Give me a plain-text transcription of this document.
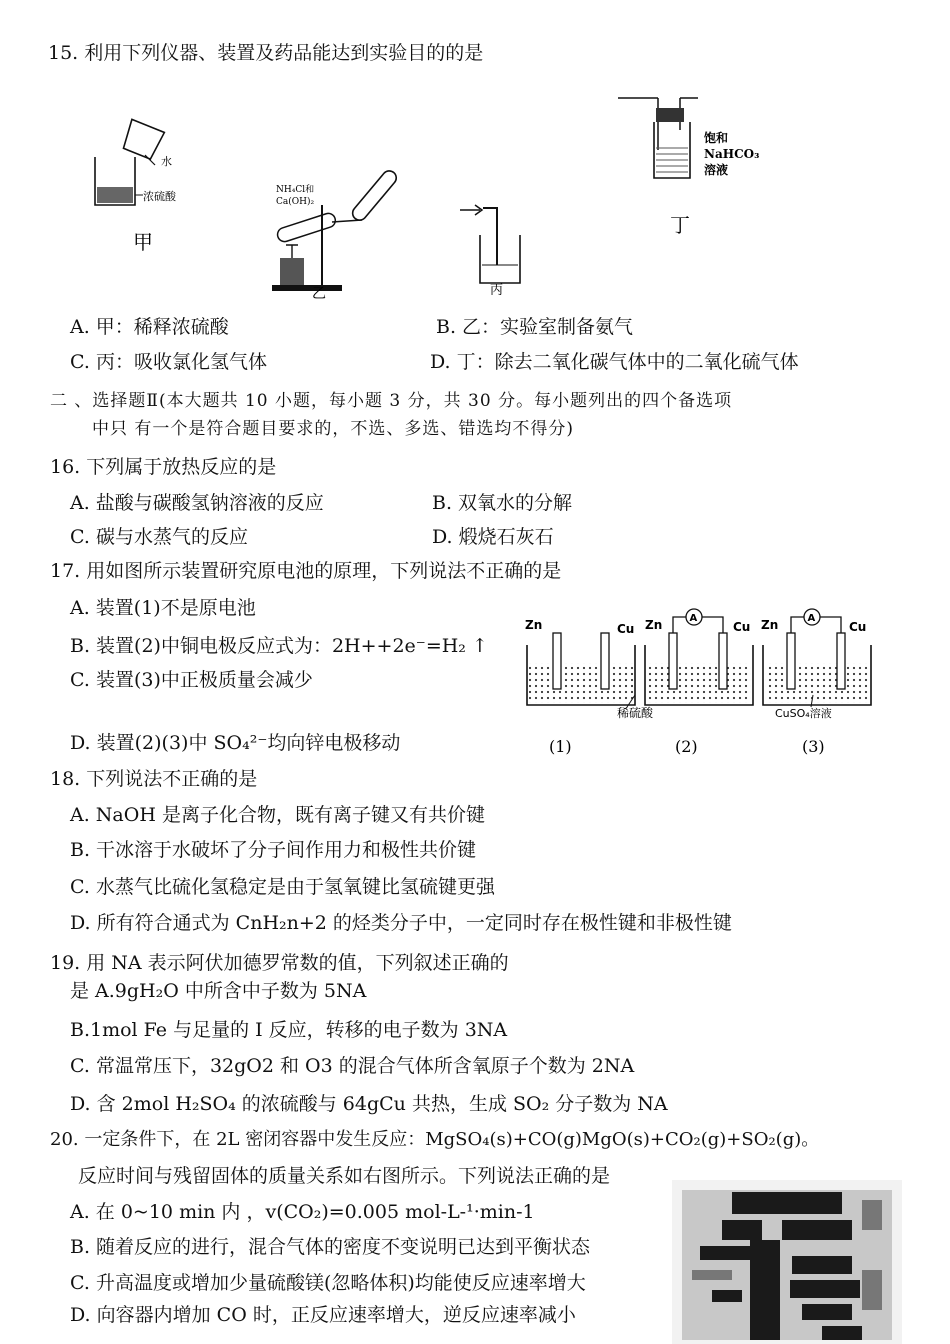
15. 利用下列仪器、装置及药品能达到实验目的的是
水
浓硫酸
甲
NH₄Cl和
Ca(OH)₂
乙	丙
饱和
NaHCO₃
溶液
丁
A. 甲：稀释浓硫酸	B. 乙：实验室制备氨气
C. 丙：吸收氯化氢气体	D. 丁：除去二氧化碳气体中的二氧化硫气体
二 、选择题Ⅱ(本大题共 10 小题，每小题 3 分，共 30 分。每小题列出的四个备选项
中只 有一个是符合题目要求的，不选、多选、错选均不得分)
16. 下列属于放热反应的是
A. 盐酸与碳酸氢钠溶液的反应	B. 双氧水的分解
C. 碳与水蒸气的反应	D. 煅烧石灰石
17. 用如图所示装置研究原电池的原理，下列说法不正确的是
A. 装置(1)不是原电池
B. 装置(2)中铜电极反应式为：2H++2e⁻=H₂ ↑
C. 装置(3)中正极质量会减少
D. 装置(2)(3)中 SO₄²⁻均向锌电极移动
Zn	Cu
A
Zn	Cu
稀硫酸
A
Zn	Cu
CuSO₄溶液
(1)	(2)	(3)
18. 下列说法不正确的是
A. NaOH 是离子化合物，既有离子键又有共价键
B. 干冰溶于水破坏了分子间作用力和极性共价键
C. 水蒸气比硫化氢稳定是由于氢氧键比氢硫键更强
D. 所有符合通式为 CnH₂n+2 的烃类分子中，一定同时存在极性键和非极性键
19. 用 NA 表示阿伏加德罗常数的值，下列叙述正确的
是 A.9gH₂O 中所含中子数为 5NA
B.1mol Fe 与足量的 I 反应，转移的电子数为 3NA
C. 常温常压下，32gO2 和 O3 的混合气体所含氧原子个数为 2NA
D. 含 2mol H₂SO₄ 的浓硫酸与 64gCu 共热，生成 SO₂ 分子数为 NA
20. 一定条件下，在 2L 密闭容器中发生反应：MgSO₄(s)+CO(g)MgO(s)+CO₂(g)+SO₂(g)。
反应时间与残留固体的质量关系如右图所示。下列说法正确的是
A. 在 0~10 min 内 ，v(CO₂)=0.005 mol-L-¹·min-1
B. 随着反应的进行，混合气体的密度不变说明已达到平衡状态
C. 升高温度或增加少量硫酸镁(忽略体积)均能使反应速率增大
D. 向容器内增加 CO 时，正反应速率增大，逆反应速率减小
